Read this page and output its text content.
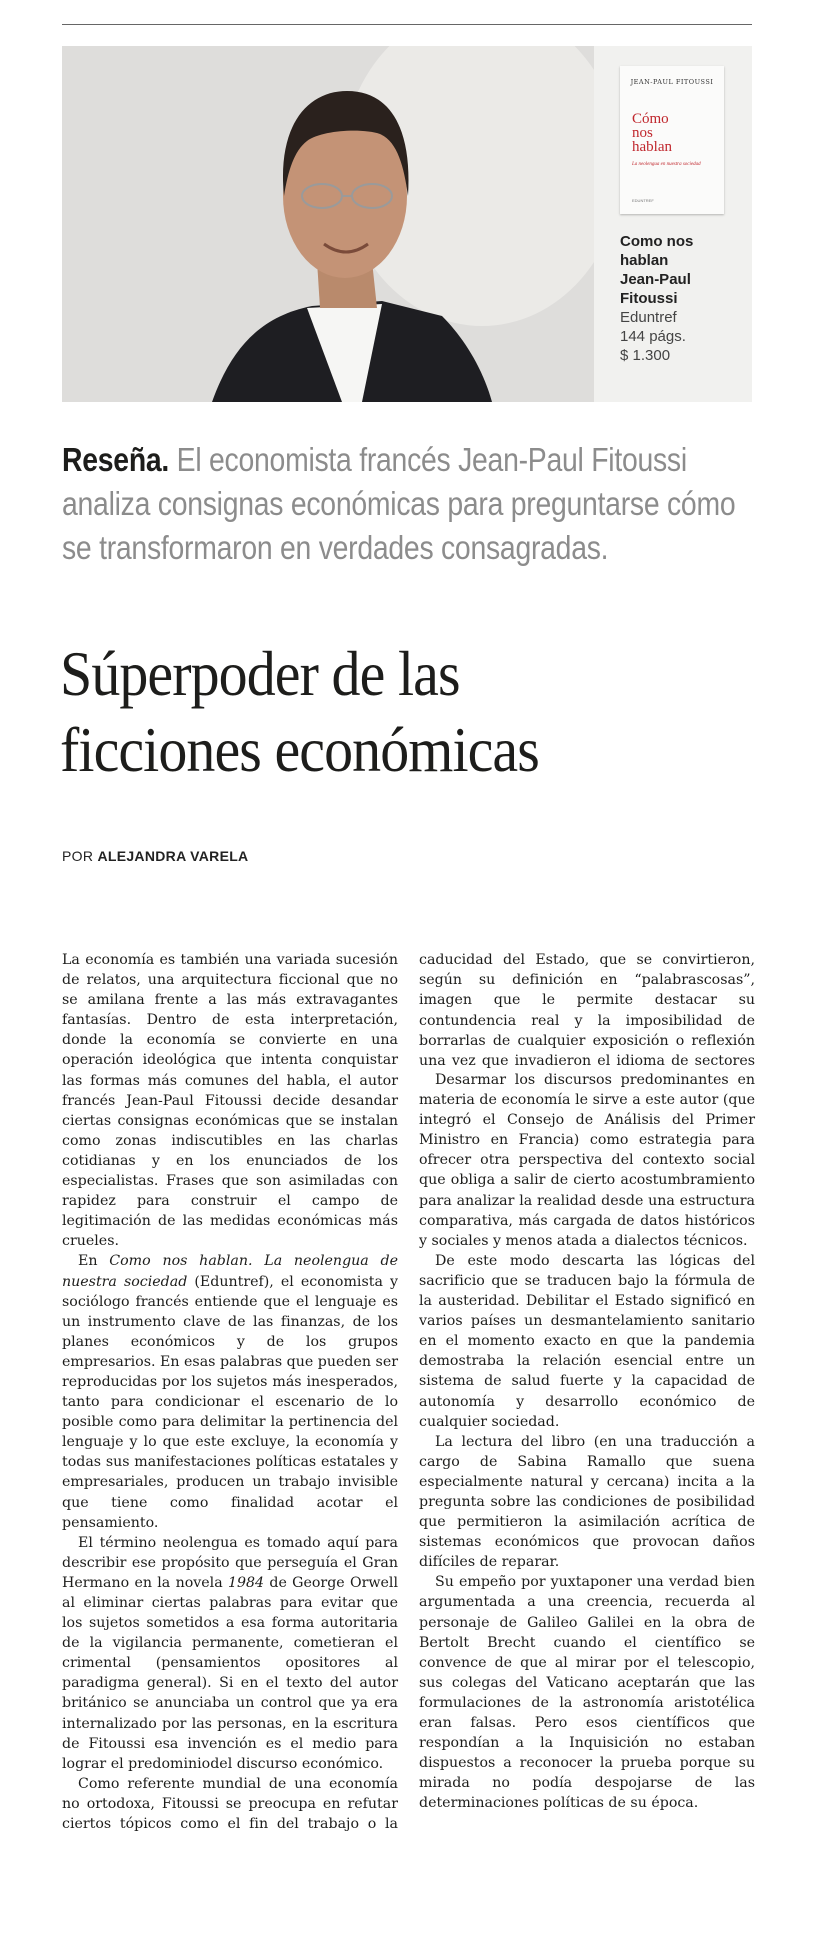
JEAN-PAUL FITOUSSI
Cómo
nos
hablan
La neolengua en nuestra sociedad
EDUNTREF
Como nos
hablan
Jean-Paul
Fitoussi
Eduntref
144 págs.
$ 1.300
Reseña. El economista francés Jean-Paul Fitoussi analiza consignas económicas para preguntarse cómo se transformaron en verdades consagradas.
Súperpoder de las
ficciones económicas
POR ALEJANDRA VARELA

La economía es también una variada sucesión de relatos, una arquitectura ficcional que no se amilana frente a las más extravagantes fantasías. Dentro de esta interpretación, donde la economía se convierte en una operación ideológica que intenta conquistar las formas más comunes del habla, el autor francés Jean-Paul Fitoussi decide desandar ciertas consignas económicas que se instalan como zonas indiscutibles en las charlas cotidianas y en los enunciados de los especialistas. Frases que son asimiladas con rapidez para construir el campo de legitimación de las medidas económicas más crueles.

En Como nos hablan. La neolengua de nuestra sociedad (Eduntref), el economista y sociólogo francés entiende que el lenguaje es un instrumento clave de las finanzas, de los planes económicos y de los grupos empresarios. En esas palabras que pueden ser reproducidas por los sujetos más inesperados, tanto para condicionar el escenario de lo posible como para delimitar la pertinencia del lenguaje y lo que este excluye, la economía y todas sus manifestaciones políticas estatales y empresariales, producen un trabajo invisible que tiene como finalidad acotar el pensamiento.

El término neolengua es tomado aquí para describir ese propósito que perseguía el Gran Hermano en la novela 1984 de George Orwell al eliminar ciertas palabras para evitar que los sujetos sometidos a esa forma autoritaria de la vigilancia permanente, cometieran el crimental (pensamientos opositores al paradigma general). Si en el texto del autor británico se anunciaba un control que ya era internalizado por las personas, en la escritura de Fitoussi esa invención es el medio para lograr el predominiodel discurso económico.

Como referente mundial de una economía no ortodoxa, Fitoussi se preocupa en refutar ciertos tópicos como el fin del trabajo o la

caducidad del Estado, que se convirtieron, según su definición en “palabrascosas”, imagen que le permite destacar su contundencia real y la imposibilidad de borrarlas de cualquier exposición o reflexión una vez que invadieron el idioma de sectores

Desarmar los discursos predominantes en materia de economía le sirve a este autor (que integró el Consejo de Análisis del Primer Ministro en Francia) como estrategia para ofrecer otra perspectiva del contexto social que obliga a salir de cierto acostumbramiento para analizar la realidad desde una estructura comparativa, más cargada de datos históricos y sociales y menos atada a dialectos técnicos.

De este modo descarta las lógicas del sacrificio que se traducen bajo la fórmula de la austeridad. Debilitar el Estado significó en varios países un desmantelamiento sanitario en el momento exacto en que la pandemia demostraba la relación esencial entre un sistema de salud fuerte y la capacidad de autonomía y desarrollo económico de cualquier sociedad.

La lectura del libro (en una traducción a cargo de Sabina Ramallo que suena especialmente natural y cercana) incita a la pregunta sobre las condiciones de posibilidad que permitieron la asimilación acrítica de sistemas económicos que provocan daños difíciles de reparar.

Su empeño por yuxtaponer una verdad bien argumentada a una creencia, recuerda al personaje de Galileo Galilei en la obra de Bertolt Brecht cuando el científico se convence de que al mirar por el telescopio, sus colegas del Vaticano aceptarán que las formulaciones de la astronomía aristotélica eran falsas. Pero esos científicos que respondían a la Inquisición no estaban dispuestos a reconocer la prueba porque su mirada no podía despojarse de las determinaciones políticas de su época.
